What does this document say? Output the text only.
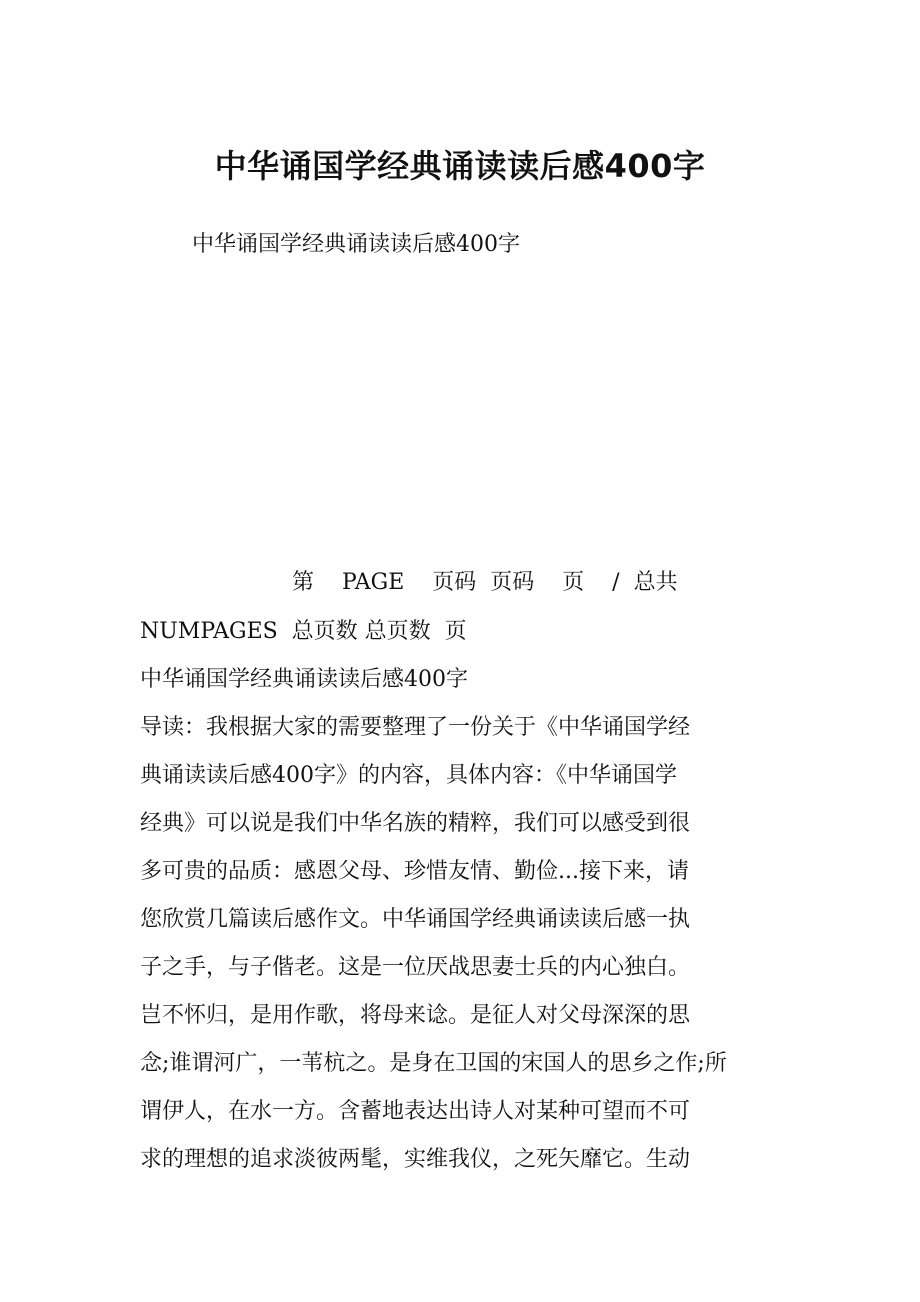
中华诵国学经典诵读读后感400字
中华诵国学经典诵读读后感400字
第    PAGE    页码  页码    页    /  总共
NUMPAGES  总页数 总页数  页
中华诵国学经典诵读读后感400字
导读：我根据大家的需要整理了一份关于《中华诵国学经
典诵读读后感400字》的内容，具体内容：《中华诵国学
经典》可以说是我们中华名族的精粹，我们可以感受到很
多可贵的品质：感恩父母、珍惜友情、勤俭...接下来，请
您欣赏几篇读后感作文。中华诵国学经典诵读读后感一执
子之手，与子偕老。这是一位厌战思妻士兵的内心独白。
岂不怀归，是用作歌，将母来谂。是征人对父母深深的思
念;谁谓河广，一苇杭之。是身在卫国的宋国人的思乡之作;所
谓伊人，在水一方。含蓄地表达出诗人对某种可望而不可
求的理想的追求淡彼两髦，实维我仪，之死矢靡它。生动
